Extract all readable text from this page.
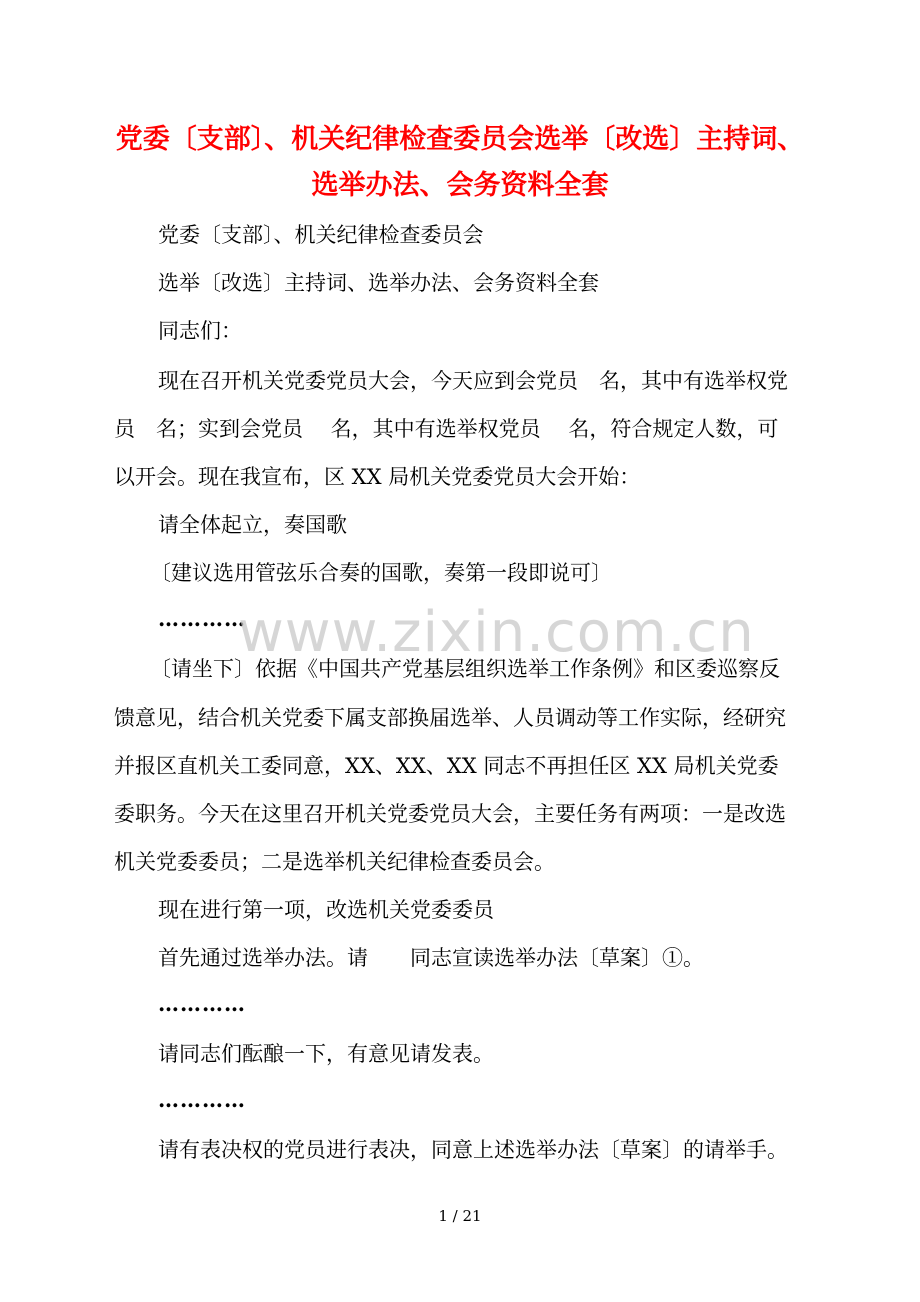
党委〔支部〕、机关纪律检查委员会选举〔改选〕主持词、
选举办法、会务资料全套
党委〔支部〕、机关纪律检查委员会
选举〔改选〕主持词、选举办法、会务资料全套
同志们：
现在召开机关党委党员大会，今天应到会党员　名，其中有选举权党
员　名；实到会党员　 名，其中有选举权党员　 名，符合规定人数，可
以开会。现在我宣布，区 XX 局机关党委党员大会开始：
请全体起立，奏国歌
〔建议选用管弦乐合奏的国歌，奏第一段即说可〕
…………
〔请坐下〕依据《中国共产党基层组织选举工作条例》和区委巡察反
馈意见，结合机关党委下属支部换届选举、人员调动等工作实际，经研究
并报区直机关工委同意，XX、XX、XX 同志不再担任区 XX 局机关党委
委职务。今天在这里召开机关党委党员大会，主要任务有两项：一是改选
机关党委委员；二是选举机关纪律检查委员会。
现在进行第一项，改选机关党委委员
首先通过选举办法。请　　同志宣读选举办法〔草案〕①。
…………
请同志们酝酿一下，有意见请发表。
…………
请有表决权的党员进行表决，同意上述选举办法〔草案〕的请举手。
www.zixin.com.cn
1 / 21
